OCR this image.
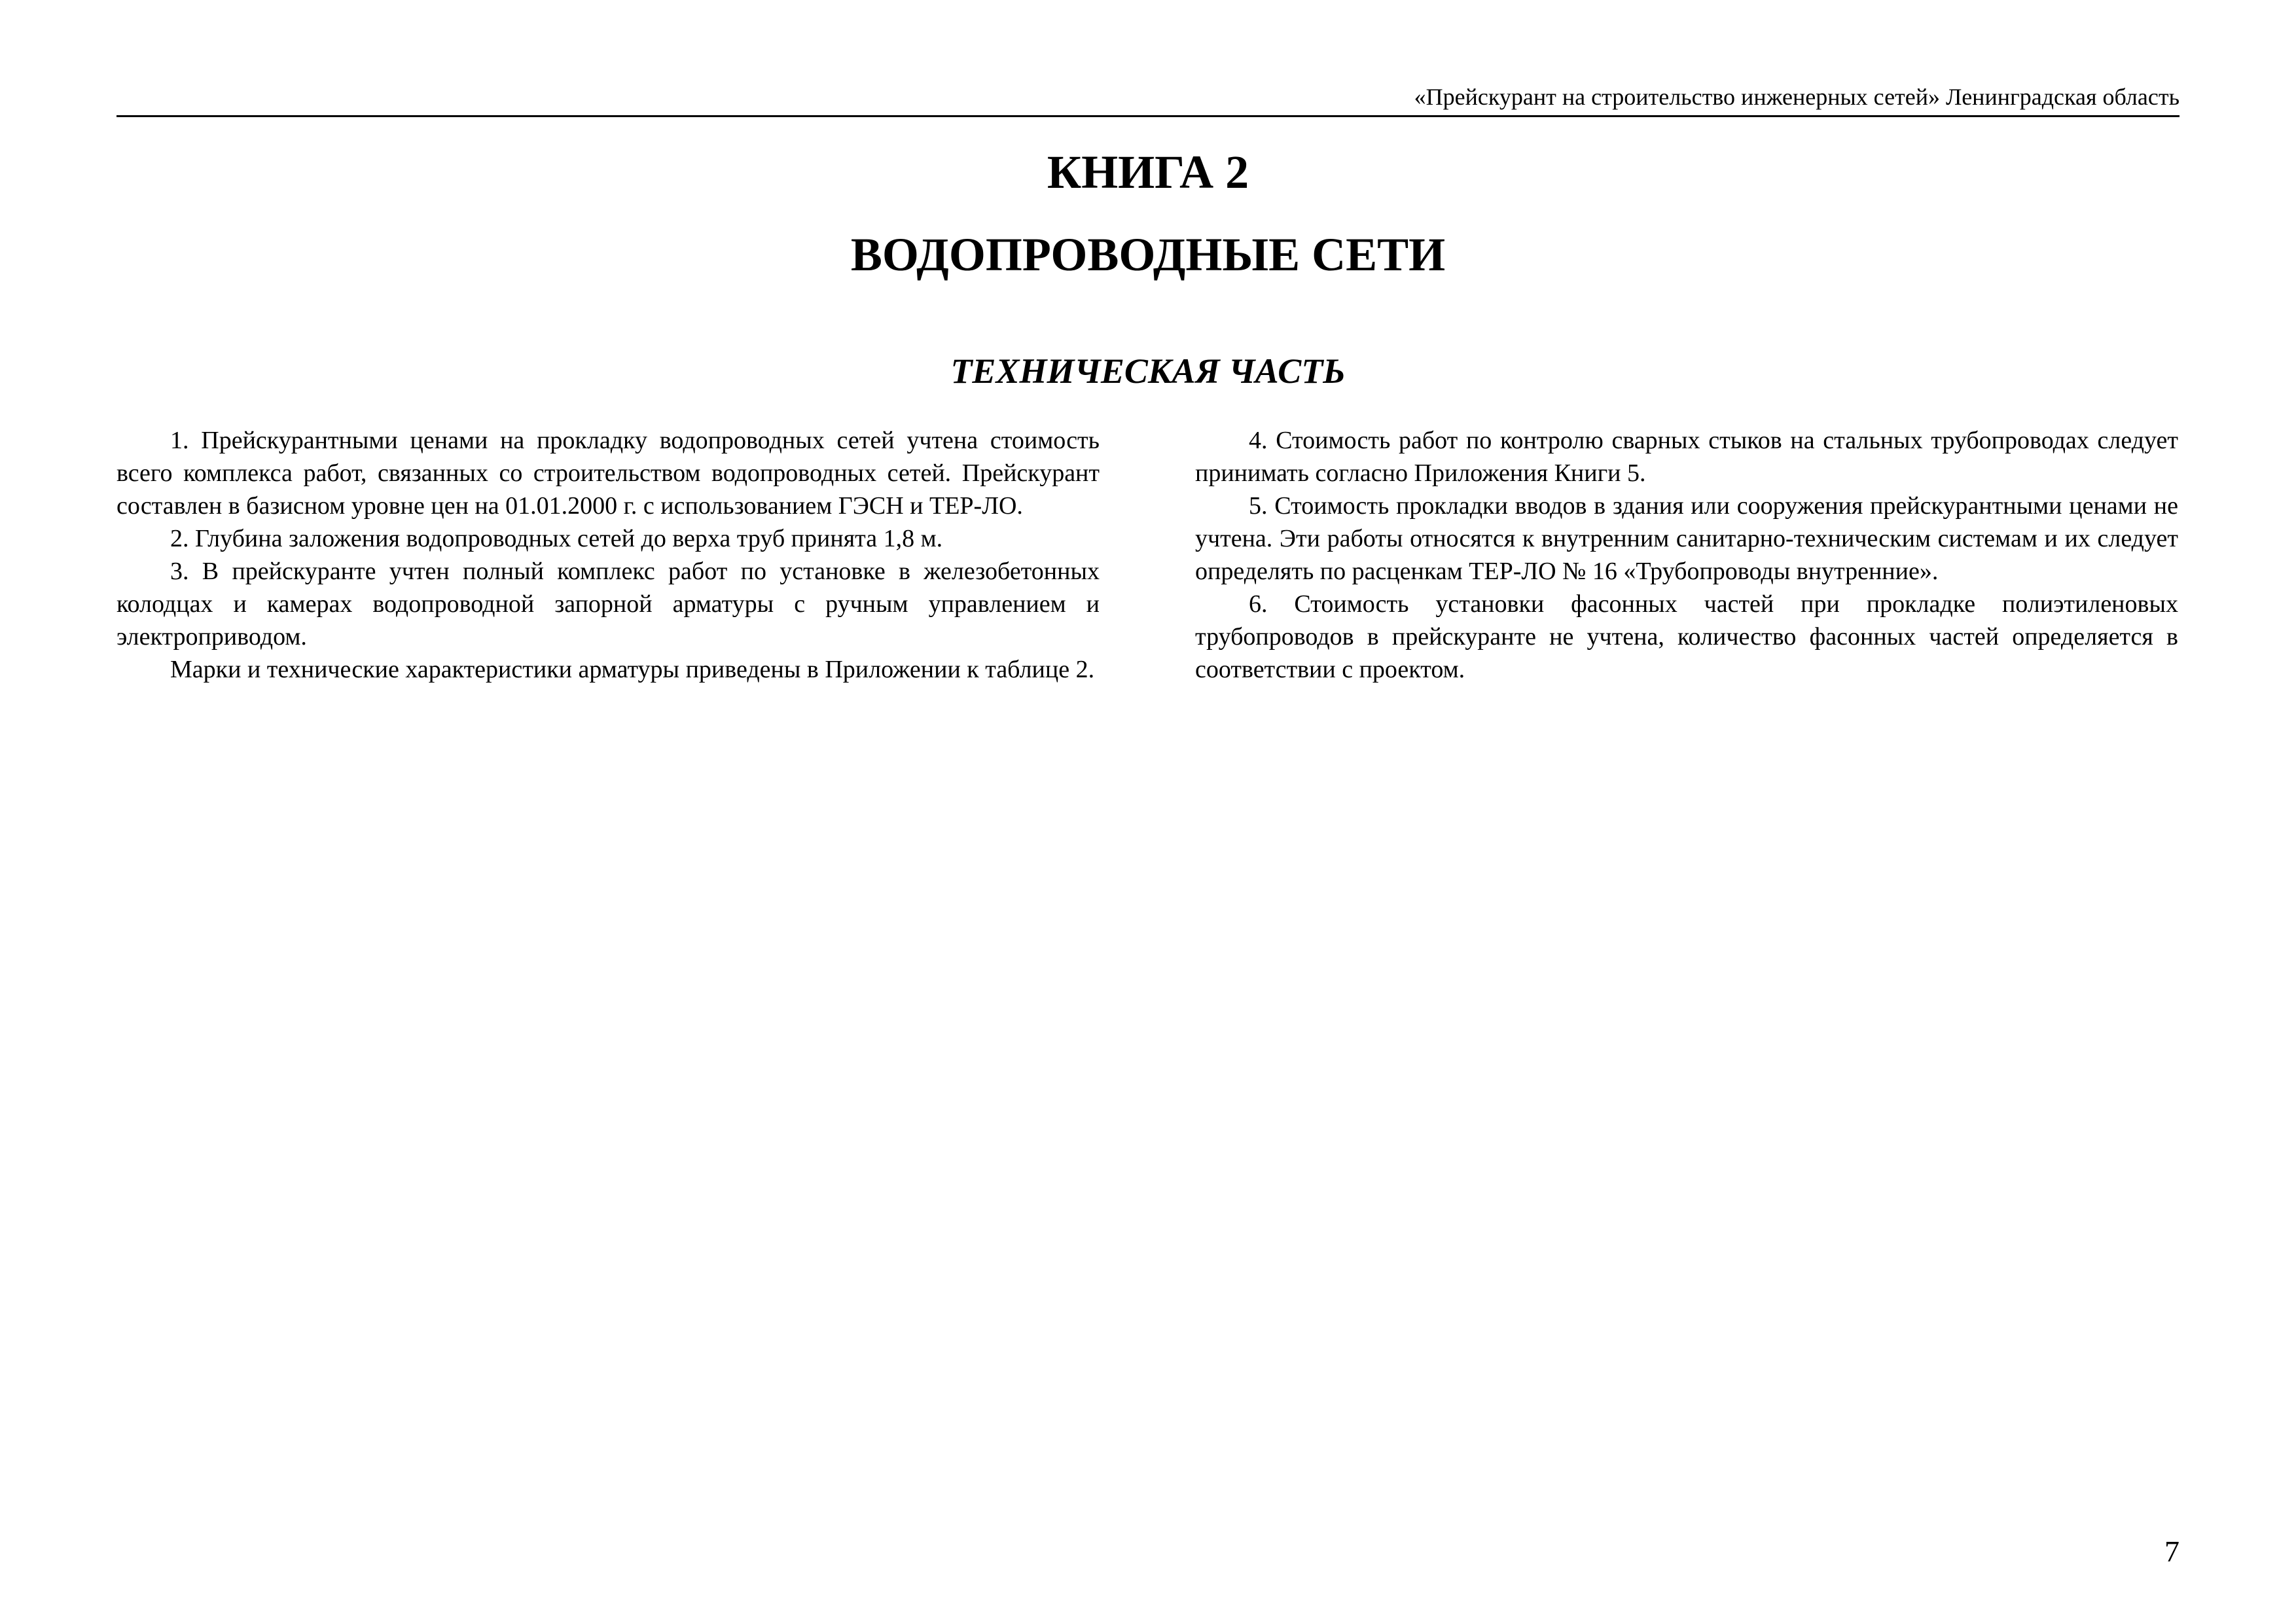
«Прейскурант на строительство инженерных сетей» Ленинградская область
КНИГА 2
ВОДОПРОВОДНЫЕ СЕТИ
ТЕХНИЧЕСКАЯ ЧАСТЬ

1. Прейскурантными ценами на прокладку водопроводных сетей учтена стоимость всего комплекса работ, связанных со строительством водопроводных сетей. Прейскурант составлен в базисном уровне цен на 01.01.2000 г. с использованием ГЭСН и ТЕР-ЛО.

2. Глубина заложения водопроводных сетей до верха труб принята 1,8 м.

3. В прейскуранте учтен полный комплекс работ по установке в железобетонных колодцах и камерах водопроводной запорной арматуры с ручным управлением и электроприводом.

Марки и технические характеристики арматуры приведены в Приложении к таблице 2.

4. Стоимость работ по контролю сварных стыков на стальных трубопроводах следует принимать согласно Приложения Книги 5.

5. Стоимость прокладки вводов в здания или сооружения прейскурантными ценами не учтена. Эти работы относятся к внутренним санитарно-техническим системам и их следует определять по расценкам ТЕР-ЛО № 16 «Трубопроводы внутренние».

6. Стоимость установки фасонных частей при прокладке полиэтиленовых трубопроводов в прейскуранте не учтена, количество фасонных частей определяется в соответствии с проектом.

7
